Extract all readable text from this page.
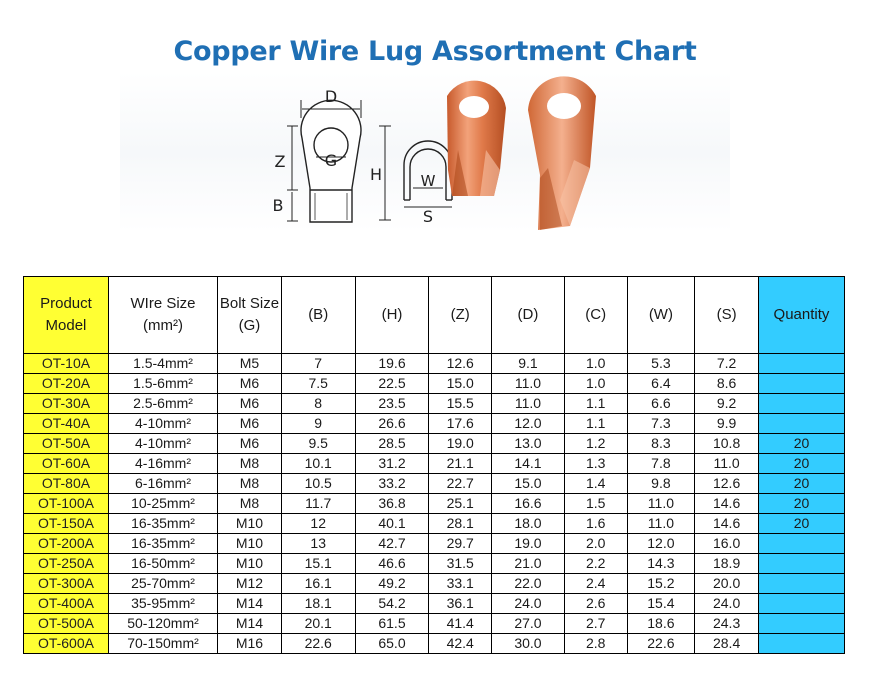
Copper Wire Lug Assortment Chart
D
G
Z
B
H	W
S
Product Model	WIre Size (mm²)	Bolt Size (G)	(B)	(H)	(Z)	(D)	(C)	(W)	(S)	Quantity
OT-10A	1.5-4mm²	M5	7	19.6	12.6	9.1	1.0	5.3	7.2	
OT-20A	1.5-6mm²	M6	7.5	22.5	15.0	11.0	1.0	6.4	8.6	
OT-30A	2.5-6mm²	M6	8	23.5	15.5	11.0	1.1	6.6	9.2	
OT-40A	4-10mm²	M6	9	26.6	17.6	12.0	1.1	7.3	9.9	
OT-50A	4-10mm²	M6	9.5	28.5	19.0	13.0	1.2	8.3	10.8	20
OT-60A	4-16mm²	M8	10.1	31.2	21.1	14.1	1.3	7.8	11.0	20
OT-80A	6-16mm²	M8	10.5	33.2	22.7	15.0	1.4	9.8	12.6	20
OT-100A	10-25mm²	M8	11.7	36.8	25.1	16.6	1.5	11.0	14.6	20
OT-150A	16-35mm²	M10	12	40.1	28.1	18.0	1.6	11.0	14.6	20
OT-200A	16-35mm²	M10	13	42.7	29.7	19.0	2.0	12.0	16.0	
OT-250A	16-50mm²	M10	15.1	46.6	31.5	21.0	2.2	14.3	18.9	
OT-300A	25-70mm²	M12	16.1	49.2	33.1	22.0	2.4	15.2	20.0	
OT-400A	35-95mm²	M14	18.1	54.2	36.1	24.0	2.6	15.4	24.0	
OT-500A	50-120mm²	M14	20.1	61.5	41.4	27.0	2.7	18.6	24.3	
OT-600A	70-150mm²	M16	22.6	65.0	42.4	30.0	2.8	22.6	28.4	
